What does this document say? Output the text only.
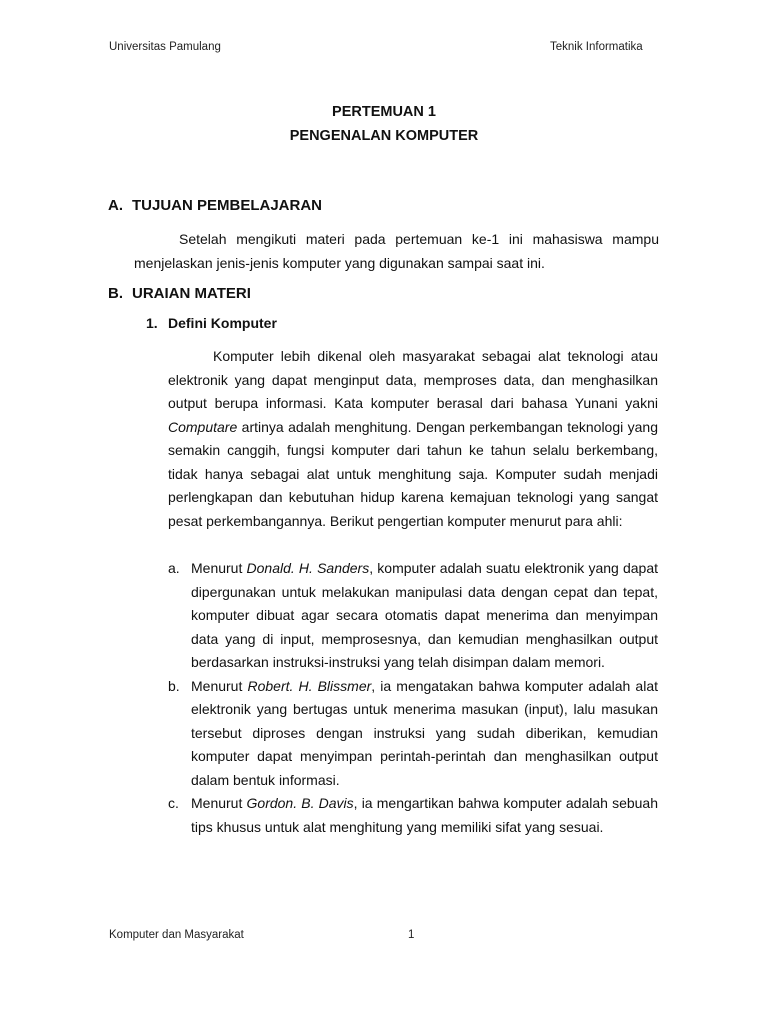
Universitas Pamulang	Teknik Informatika
PERTEMUAN 1
PENGENALAN KOMPUTER
A. TUJUAN PEMBELAJARAN

Setelah mengikuti materi pada pertemuan ke-1 ini mahasiswa mampu menjelaskan jenis-jenis komputer yang digunakan sampai saat ini.

B. URAIAN MATERI
1. Defini Komputer

Komputer lebih dikenal oleh masyarakat sebagai alat teknologi atau elektronik yang dapat menginput data, memproses data, dan menghasilkan output berupa informasi. Kata komputer berasal dari bahasa Yunani yakni Computare artinya adalah menghitung. Dengan perkembangan teknologi yang semakin canggih, fungsi komputer dari tahun ke tahun selalu berkembang, tidak hanya sebagai alat untuk menghitung saja. Komputer sudah menjadi perlengkapan dan kebutuhan hidup karena kemajuan teknologi yang sangat pesat perkembangannya. Berikut pengertian komputer menurut para ahli:

a. Menurut Donald. H. Sanders, komputer adalah suatu elektronik yang dapat dipergunakan untuk melakukan manipulasi data dengan cepat dan tepat, komputer dibuat agar secara otomatis dapat menerima dan menyimpan data yang di input, memprosesnya, dan kemudian menghasilkan output berdasarkan instruksi-instruksi yang telah disimpan dalam memori.
b. Menurut Robert. H. Blissmer, ia mengatakan bahwa komputer adalah alat elektronik yang bertugas untuk menerima masukan (input), lalu masukan tersebut diproses dengan instruksi yang sudah diberikan, kemudian komputer dapat menyimpan perintah-perintah dan menghasilkan output dalam bentuk informasi.
c. Menurut Gordon. B. Davis, ia mengartikan bahwa komputer adalah sebuah tips khusus untuk alat menghitung yang memiliki sifat yang sesuai.
Komputer dan Masyarakat	1
